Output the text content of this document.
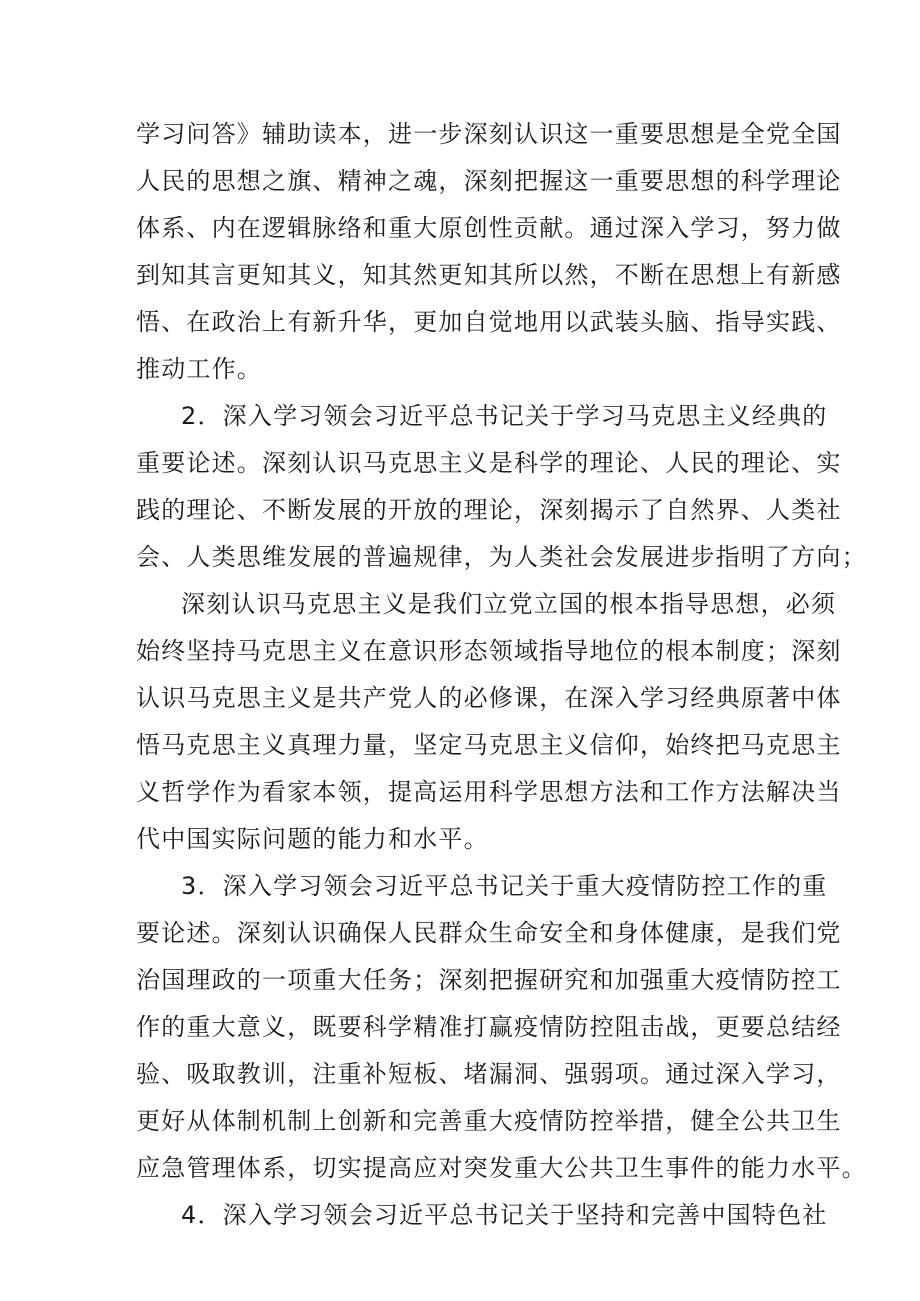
学习问答》辅助读本，进一步深刻认识这一重要思想是全党全国
人民的思想之旗、精神之魂，深刻把握这一重要思想的科学理论
体系、内在逻辑脉络和重大原创性贡献。通过深入学习，努力做
到知其言更知其义，知其然更知其所以然，不断在思想上有新感
悟、在政治上有新升华，更加自觉地用以武装头脑、指导实践、
推动工作。
2．深入学习领会习近平总书记关于学习马克思主义经典的
重要论述。深刻认识马克思主义是科学的理论、人民的理论、实
践的理论、不断发展的开放的理论，深刻揭示了自然界、人类社
会、人类思维发展的普遍规律，为人类社会发展进步指明了方向；
深刻认识马克思主义是我们立党立国的根本指导思想，必须
始终坚持马克思主义在意识形态领域指导地位的根本制度；深刻
认识马克思主义是共产党人的必修课，在深入学习经典原著中体
悟马克思主义真理力量，坚定马克思主义信仰，始终把马克思主
义哲学作为看家本领，提高运用科学思想方法和工作方法解决当
代中国实际问题的能力和水平。
3．深入学习领会习近平总书记关于重大疫情防控工作的重
要论述。深刻认识确保人民群众生命安全和身体健康，是我们党
治国理政的一项重大任务；深刻把握研究和加强重大疫情防控工
作的重大意义，既要科学精准打赢疫情防控阻击战，更要总结经
验、吸取教训，注重补短板、堵漏洞、强弱项。通过深入学习，
更好从体制机制上创新和完善重大疫情防控举措，健全公共卫生
应急管理体系，切实提高应对突发重大公共卫生事件的能力水平。
4．深入学习领会习近平总书记关于坚持和完善中国特色社
